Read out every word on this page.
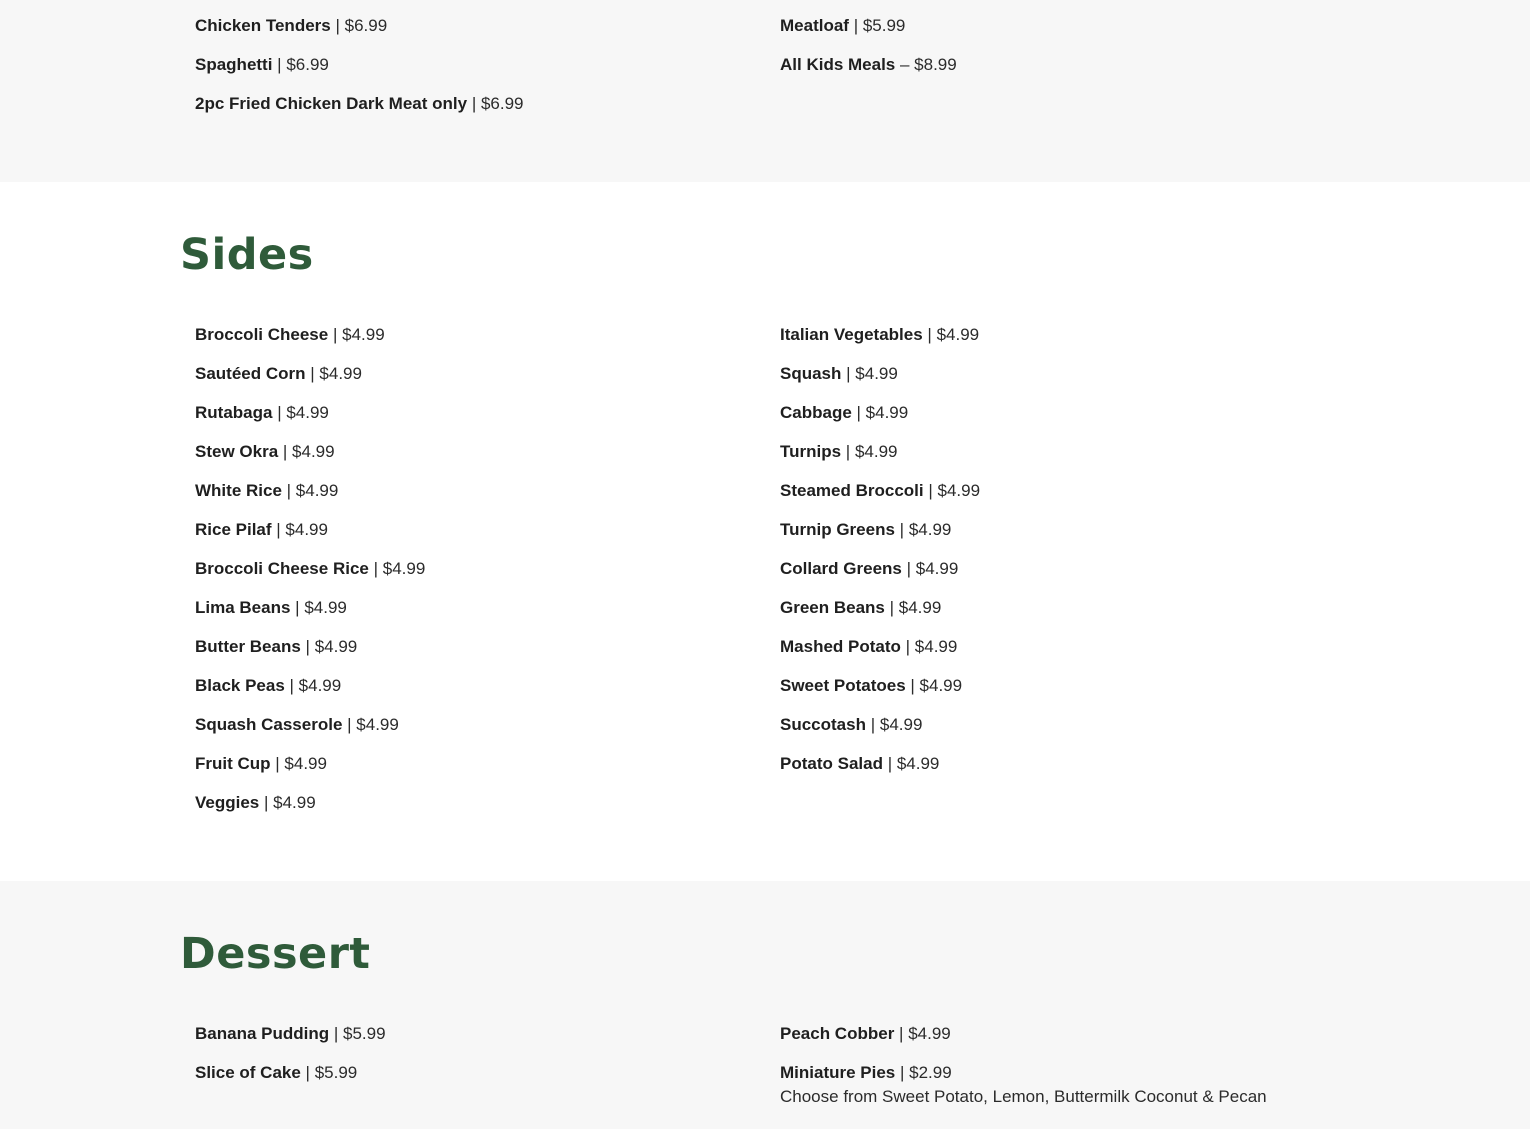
Chicken Tenders | $6.99
Spaghetti | $6.99
2pc Fried Chicken Dark Meat only | $6.99
Meatloaf | $5.99
All Kids Meals – $8.99
Sides
Broccoli Cheese | $4.99
Sautéed Corn | $4.99
Rutabaga | $4.99
Stew Okra | $4.99
White Rice | $4.99
Rice Pilaf | $4.99
Broccoli Cheese Rice | $4.99
Lima Beans | $4.99
Butter Beans | $4.99
Black Peas | $4.99
Squash Casserole | $4.99
Fruit Cup | $4.99
Veggies | $4.99
Italian Vegetables | $4.99
Squash | $4.99
Cabbage | $4.99
Turnips | $4.99
Steamed Broccoli | $4.99
Turnip Greens | $4.99
Collard Greens | $4.99
Green Beans | $4.99
Mashed Potato | $4.99
Sweet Potatoes | $4.99
Succotash | $4.99
Potato Salad | $4.99
Dessert
Banana Pudding | $5.99
Slice of Cake | $5.99
Peach Cobber | $4.99
Miniature Pies | $2.99
Choose from Sweet Potato, Lemon, Buttermilk Coconut & Pecan
